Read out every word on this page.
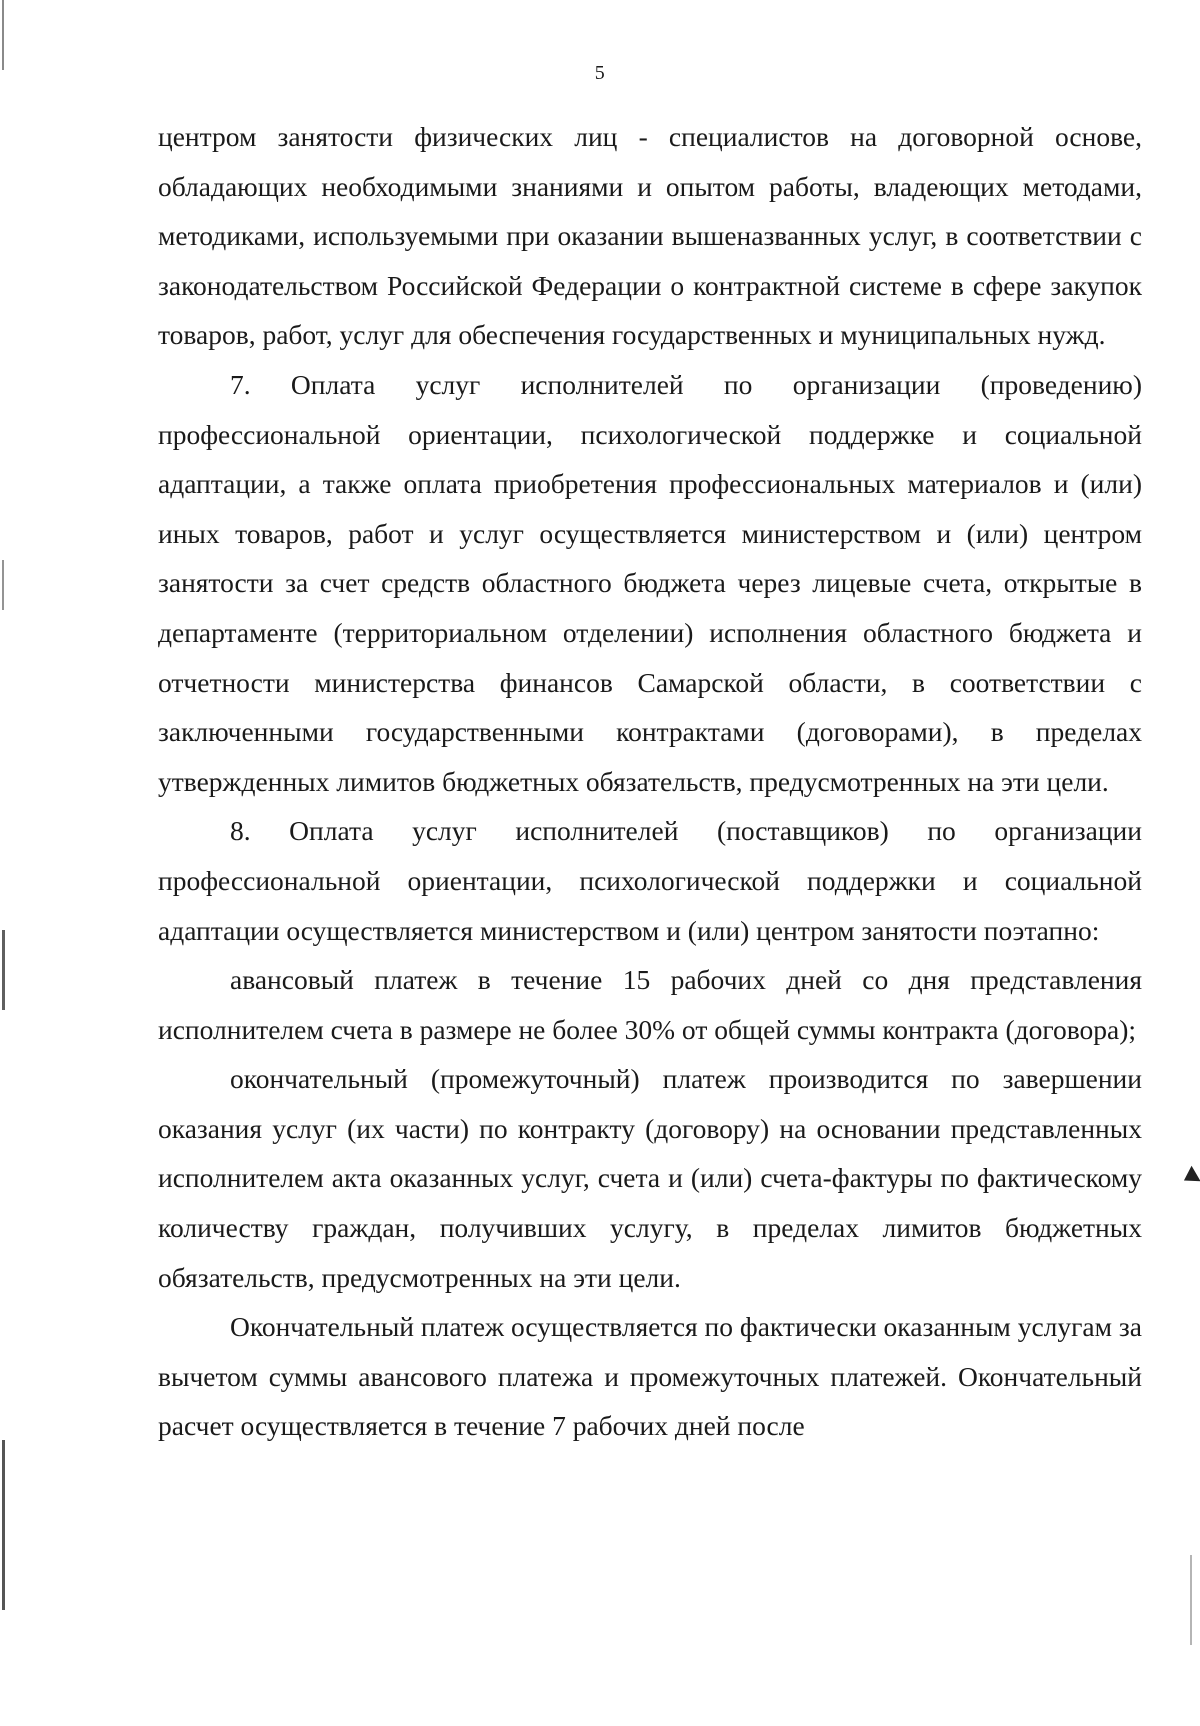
5

центром занятости физических лиц - специалистов на договорной основе, обладающих необходимыми знаниями и опытом работы, владеющих методами, методиками, используемыми при оказании вышеназванных услуг, в соответствии с законодательством Российской Федерации о контрактной системе в сфере закупок товаров, работ, услуг для обеспечения государственных и муниципальных нужд.

7. Оплата услуг исполнителей по организации (проведению) профессиональной ориентации, психологической поддержке и социальной адаптации, а также оплата приобретения профессиональных материалов и (или) иных товаров, работ и услуг осуществляется министерством и (или) центром занятости за счет средств областного бюджета через лицевые счета, открытые в департаменте (территориальном отделении) исполнения областного бюджета и отчетности министерства финансов Самарской области, в соответствии с заключенными государственными контрактами (договорами), в пределах утвержденных лимитов бюджетных обязательств, предусмотренных на эти цели.

8. Оплата услуг исполнителей (поставщиков) по организации профессиональной ориентации, психологической поддержки и социальной адаптации осуществляется министерством и (или) центром занятости поэтапно:

авансовый платеж в течение 15 рабочих дней со дня представления исполнителем счета в размере не более 30% от общей суммы контракта (договора);

окончательный (промежуточный) платеж производится по завершении оказания услуг (их части) по контракту (договору) на основании представленных исполнителем акта оказанных услуг, счета и (или) счета-фактуры по фактическому количеству граждан, получивших услугу, в пределах лимитов бюджетных обязательств, предусмотренных на эти цели.

Окончательный платеж осуществляется по фактически оказанным услугам за вычетом суммы авансового платежа и промежуточных платежей. Окончательный расчет осуществляется в течение 7 рабочих дней после
